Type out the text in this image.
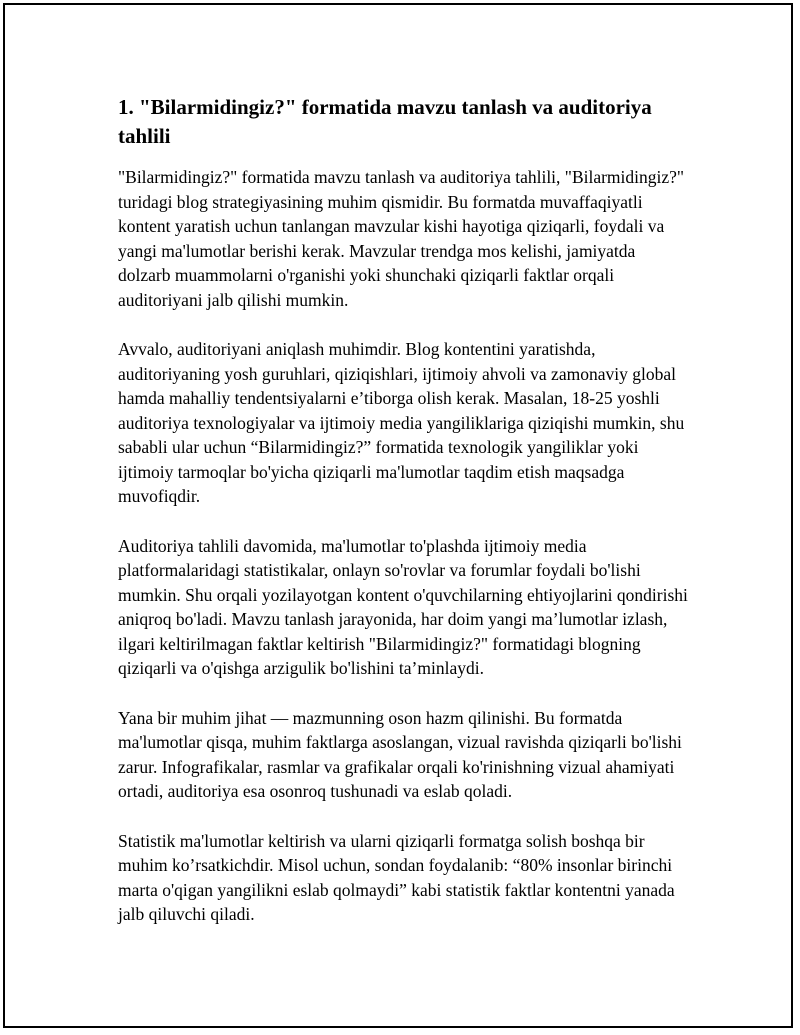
1. "Bilarmidingiz?" formatida mavzu tanlash va auditoriya tahlili

"Bilarmidingiz?" formatida mavzu tanlash va auditoriya tahlili, "Bilarmidingiz?" turidagi blog strategiyasining muhim qismidir. Bu formatda muvaffaqiyatli kontent yaratish uchun tanlangan mavzular kishi hayotiga qiziqarli, foydali va yangi ma'lumotlar berishi kerak. Mavzular trendga mos kelishi, jamiyatda dolzarb muammolarni o'rganishi yoki shunchaki qiziqarli faktlar orqali auditoriyani jalb qilishi mumkin.

Avvalo, auditoriyani aniqlash muhimdir. Blog kontentini yaratishda, auditoriyaning yosh guruhlari, qiziqishlari, ijtimoiy ahvoli va zamonaviy global hamda mahalliy tendentsiyalarni e’tiborga olish kerak. Masalan, 18-25 yoshli auditoriya texnologiyalar va ijtimoiy media yangiliklariga qiziqishi mumkin, shu sababli ular uchun “Bilarmidingiz?” formatida texnologik yangiliklar yoki ijtimoiy tarmoqlar bo'yicha qiziqarli ma'lumotlar taqdim etish maqsadga muvofiqdir.

Auditoriya tahlili davomida, ma'lumotlar to'plashda ijtimoiy media platformalaridagi statistikalar, onlayn so'rovlar va forumlar foydali bo'lishi mumkin. Shu orqali yozilayotgan kontent o'quvchilarning ehtiyojlarini qondirishi aniqroq bo'ladi. Mavzu tanlash jarayonida, har doim yangi ma’lumotlar izlash, ilgari keltirilmagan faktlar keltirish "Bilarmidingiz?" formatidagi blogning qiziqarli va o'qishga arzigulik bo'lishini ta’minlaydi.

Yana bir muhim jihat — mazmunning oson hazm qilinishi. Bu formatda ma'lumotlar qisqa, muhim faktlarga asoslangan, vizual ravishda qiziqarli bo'lishi zarur. Infografikalar, rasmlar va grafikalar orqali ko'rinishning vizual ahamiyati ortadi, auditoriya esa osonroq tushunadi va eslab qoladi.

Statistik ma'lumotlar keltirish va ularni qiziqarli formatga solish boshqa bir muhim ko’rsatkichdir. Misol uchun, sondan foydalanib: “80% insonlar birinchi marta o'qigan yangilikni eslab qolmaydi” kabi statistik faktlar kontentni yanada jalb qiluvchi qiladi.
